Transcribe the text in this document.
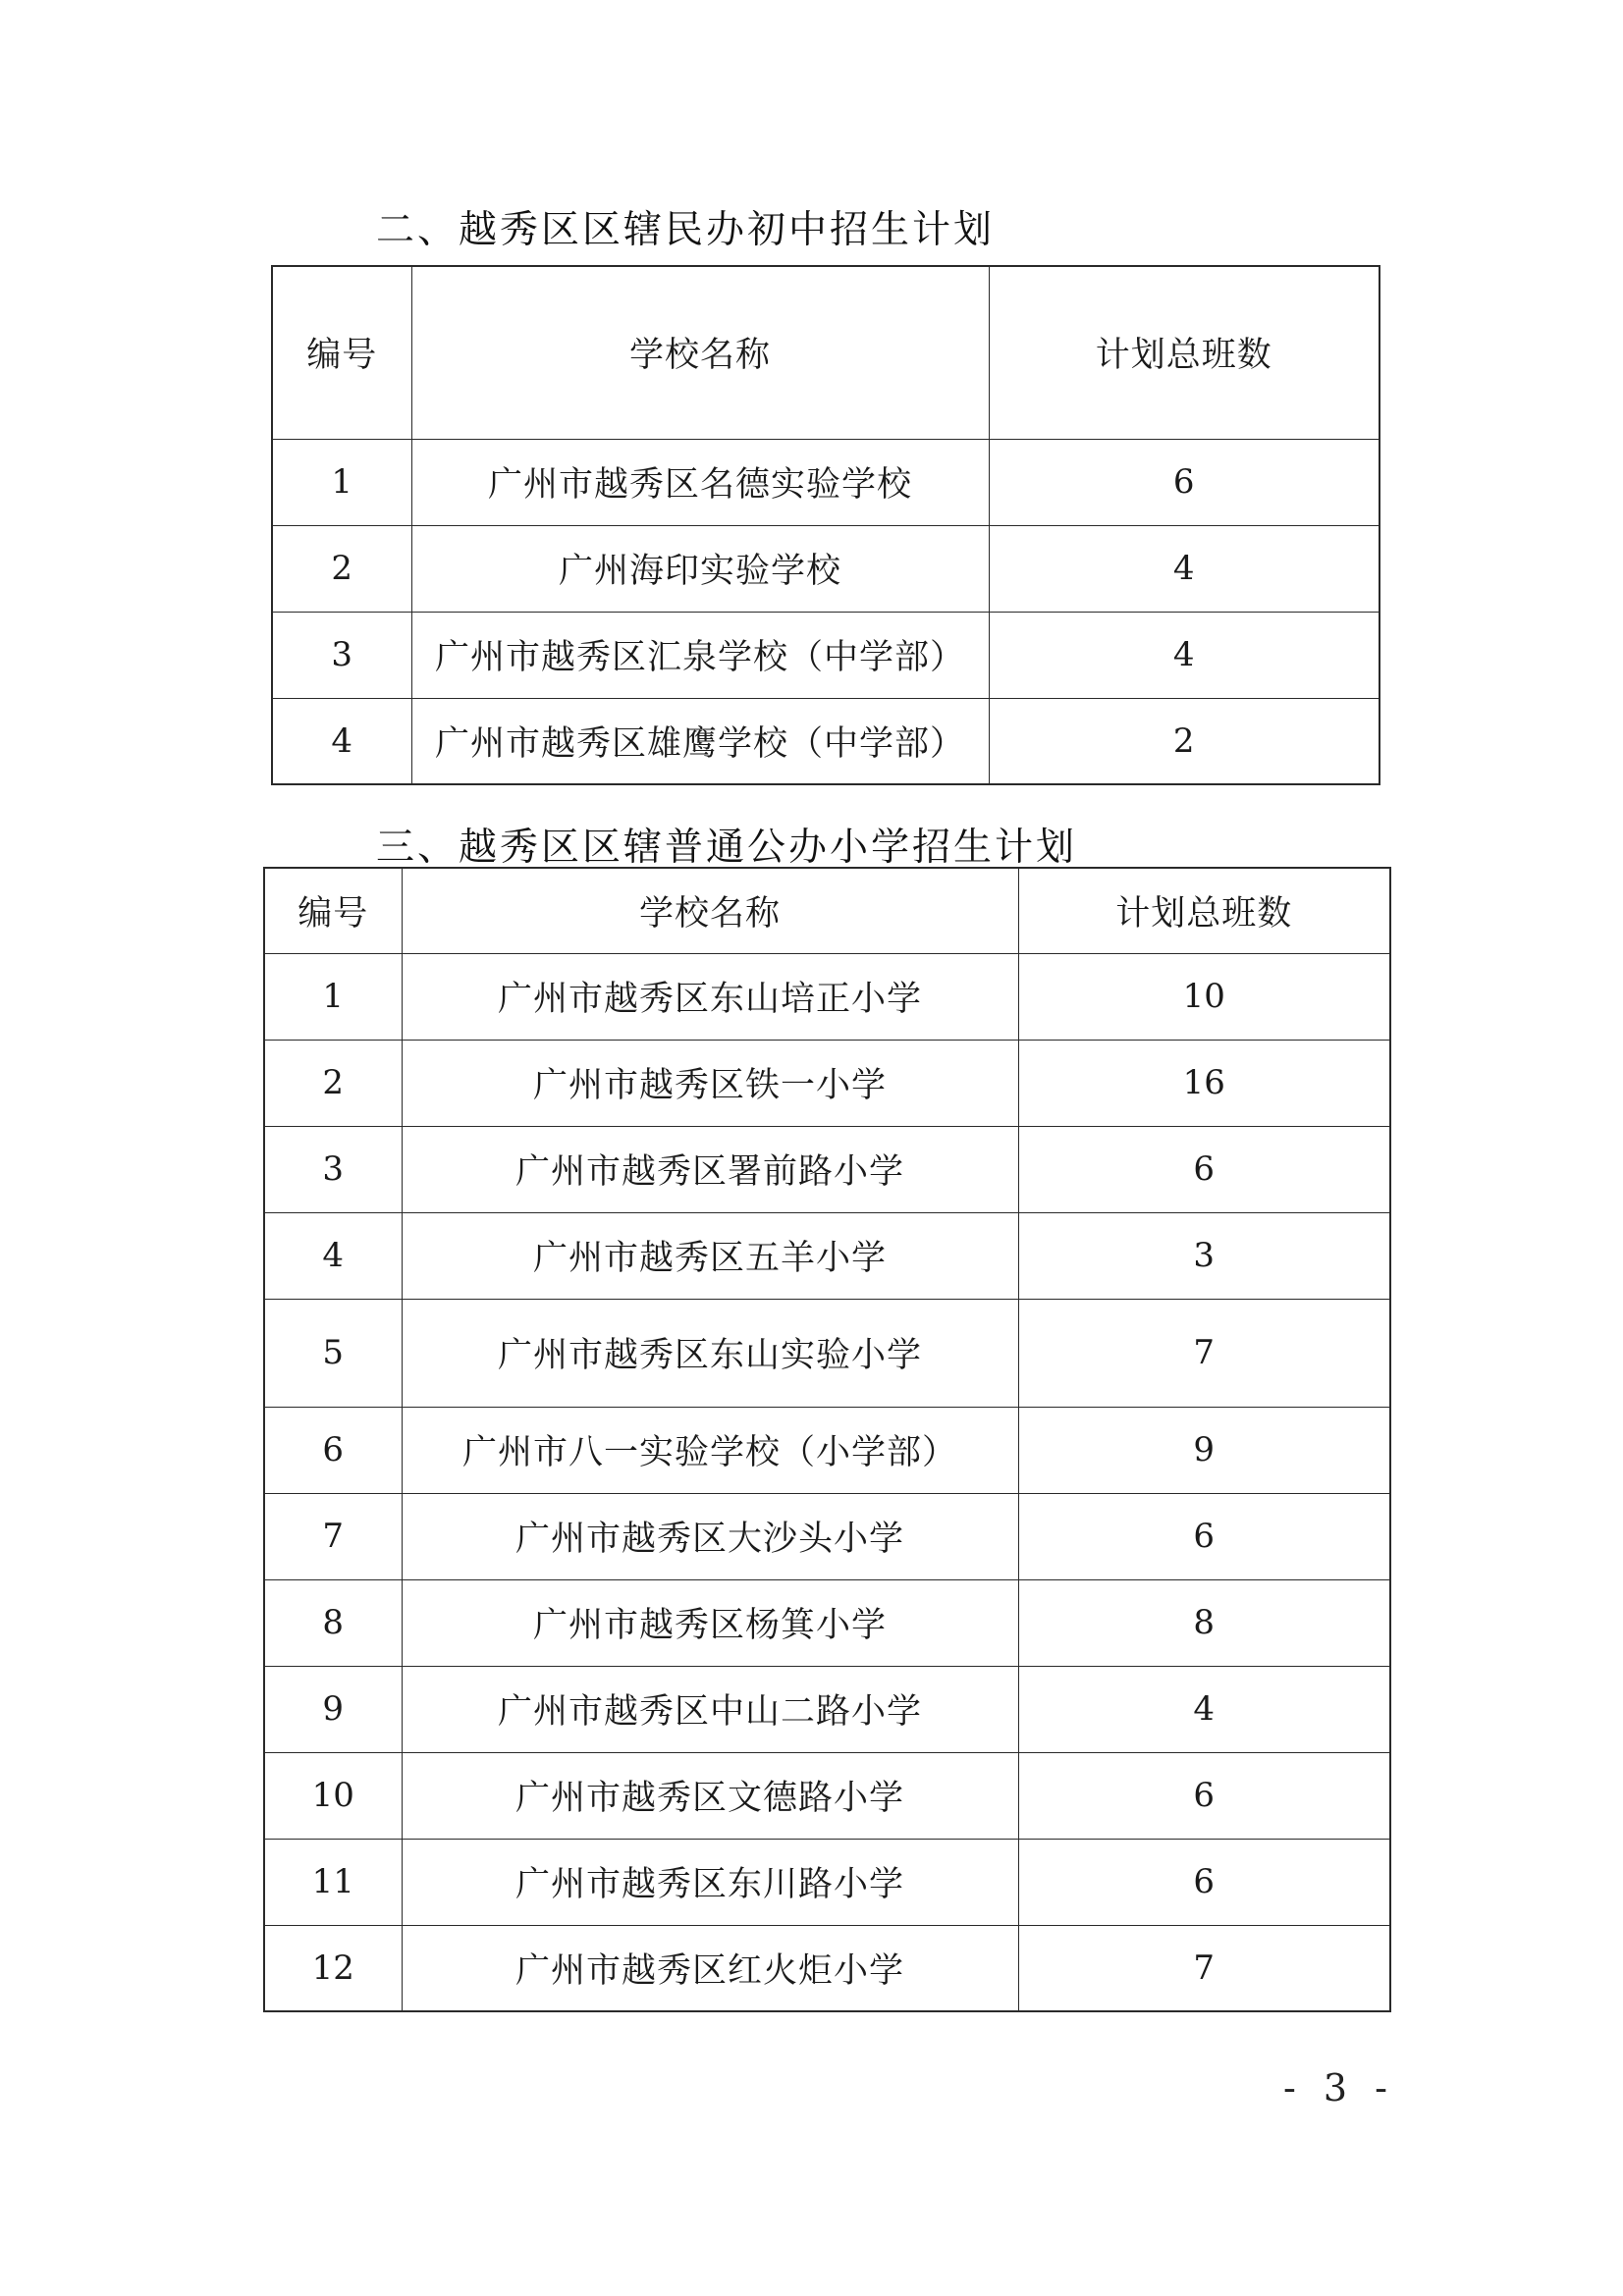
二、越秀区区辖民办初中招生计划
编号	学校名称	计划总班数
1	广州市越秀区名德实验学校	6
2	广州海印实验学校	4
3	广州市越秀区汇泉学校（中学部）	4
4	广州市越秀区雄鹰学校（中学部）	2
三、越秀区区辖普通公办小学招生计划
编号	学校名称	计划总班数
1	广州市越秀区东山培正小学	10
2	广州市越秀区铁一小学	16
3	广州市越秀区署前路小学	6
4	广州市越秀区五羊小学	3
5	广州市越秀区东山实验小学	7
6	广州市八一实验学校（小学部）	9
7	广州市越秀区大沙头小学	6
8	广州市越秀区杨箕小学	8
9	广州市越秀区中山二路小学	4
10	广州市越秀区文德路小学	6
11	广州市越秀区东川路小学	6
12	广州市越秀区红火炬小学	7
- 3 -
